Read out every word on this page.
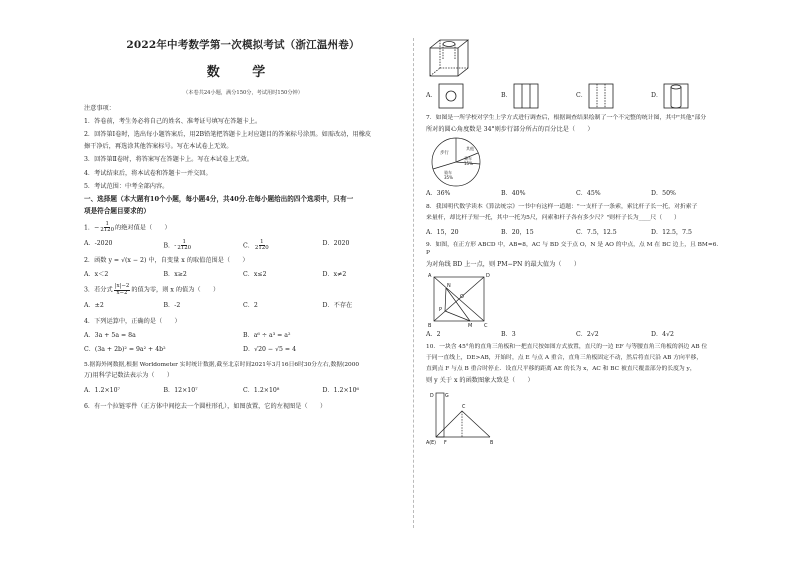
2022年中考数学第一次模拟考试（浙江温州卷）
数 学
（本卷共24小题，满分150分，考试用时150分钟）
注意事项：
1．答卷前，考生务必将自己的姓名、准考证号填写在答题卡上。
2．回答第Ⅰ卷时，选出每小题答案后，用2B铅笔把答题卡上对应题目的答案标号涂黑。如需改动，用橡皮
擦干净后，再选涂其他答案标号。写在本试卷上无效。
3．回答第Ⅱ卷时，将答案写在答题卡上。写在本试卷上无效。
4．考试结束后，将本试卷和答题卡一并交回。
5．考试范围：中考全部内容。
一、选择题（本大题有10个小题，每小题4分，共40分.在每小题给出的四个选项中，只有一
项是符合题目要求的）
1．− $\frac{1}{2120}$ 的绝对值是（　　）
A．-2020	B．- $\frac{1}{2120}$	C． $\frac{1}{2120}$	D．2020
2．函数 y = √(x − 2) 中，自变量 x 的取值范围是（　　）
A．x＜2	B．x≥2	C．x≤2	D．x≠2
3．若分式 $\frac{|x|-2}{x-2}$ 的值为零，则 x 的值为（　　）
A．±2	B．-2	C．2	D．不存在
4．下列运算中，正确的是（　　）
A．3a + 5a = 8a	B．a⁶ ÷ a³ = a²
C．(3a + 2b)² = 9a² + 4b²	D．√20 − √5 = 4
5.据海外网数据,根据 Worldometer 实时统计数据,截至北京时间2021年3月16日6时30分左右,数据(2000
万)用科学记数法表示为（　　）
A．1.2×10⁷	B．12×10⁷	C．1.2×10⁸	D．1.2×10⁶
6．有一个拉链零件（正方体中间挖去一个圆柱形孔），如图放置，它的左视图是（　　）
A．	B．	C．	D．
7．如图是一所学校对学生上学方式进行调查后，根据调查结果绘制了一个不完整的统计图，其中"其他"部分
所对的圆心角度数是 34°则步行部分所占的百分比是（　　）
步行
其他
乘车
15%
骑车
35%
A．36%	B．40%	C．45%	D．50%
8．我国明代数学读本《算法统宗》一书中有这样一道题："一支杆子一条索，索比杆子长一托，对折索子
来量杆，却比杆子短一托，其中一托为5尺，问索和杆子各有多少尺？"则杆子长为____尺（　　）
A．15，20	B．20，15	C．7.5，12.5	D．12.5，7.5
9．如图，在正方形 ABCD 中，AB=8，AC 与 BD 交于点 O，N 是 AO 的中点，点 M 在 BC 边上，且 BM=6．P
为对角线 BD 上一点，则 PM−PN 的最大值为（　　）
A	D
N
O
P
B	M C
A．2	B．3	C．2√2	D．4√2
10．一块含 45°角的直角三角板和一把直尺按如图方式放置，直尺的一边 EF 与等腰直角三角板的斜边 AB 位
于同一直线上，DE>AB，开始时，点 E 与点 A 重合，直角三角板固定不动，然后将直尺沿 AB 方向平移，
直到点 F 与点 B 重合时停止．设直尺平移的距离 AE 的长为 x，AC 和 BC 被直尺覆盖部分的长度为 y，
则 y 关于 x 的函数图象大致是（　　）
D G
C
A(E) F	B
